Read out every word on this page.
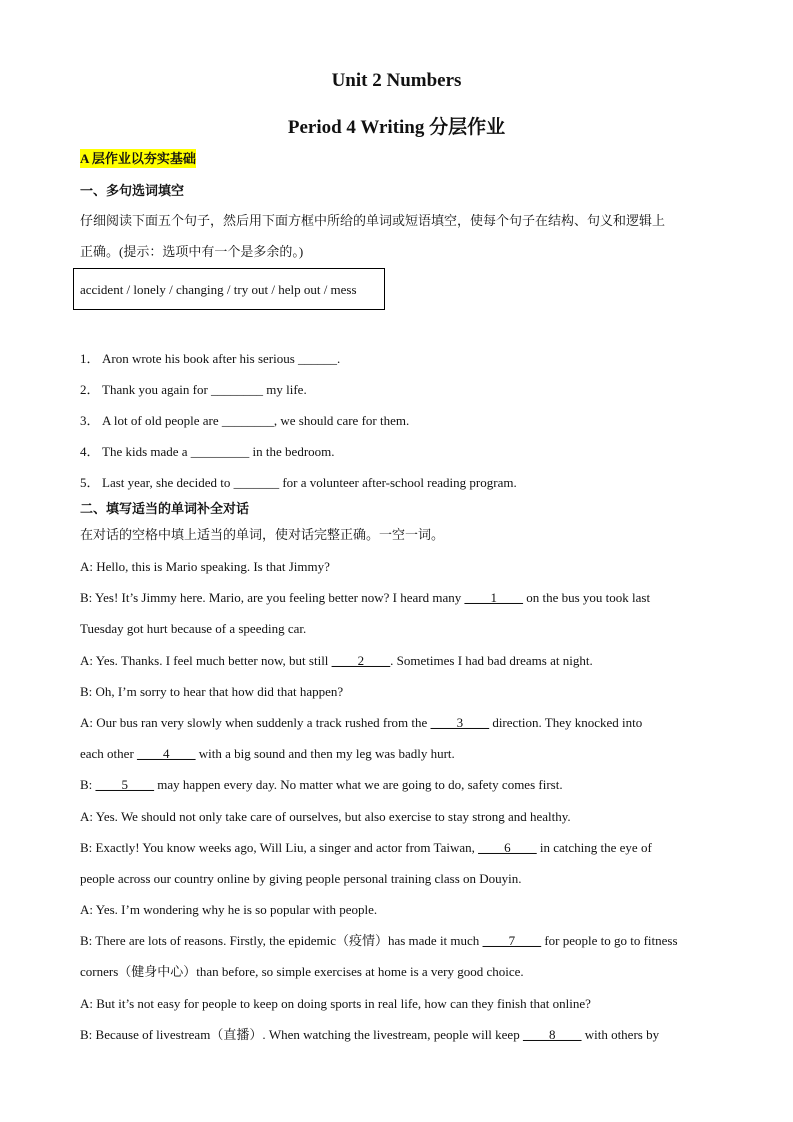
Unit 2 Numbers
Period 4 Writing 分层作业
A 层作业以夯实基础
一、多句选词填空
仔细阅读下面五个句子，然后用下面方框中所给的单词或短语填空，使每个句子在结构、句义和逻辑上
正确。(提示：选项中有一个是多余的。)
accident / lonely / changing / try out / help out / mess
1． Aron wrote his book after his serious ______.
2． Thank you again for ________ my life.
3． A lot of old people are ________, we should care for them.
4． The kids made a _________ in the bedroom.
5． Last year, she decided to _______ for a volunteer after-school reading program.
二、填写适当的单词补全对话
在对话的空格中填上适当的单词，使对话完整正确。一空一词。
A: Hello, this is Mario speaking. Is that Jimmy?
B: Yes! It’s Jimmy here. Mario, are you feeling better now? I heard many ____1____ on the bus you took last
Tuesday got hurt because of a speeding car.
A: Yes. Thanks. I feel much better now, but still ____2____. Sometimes I had bad dreams at night.
B: Oh, I’m sorry to hear that how did that happen?
A: Our bus ran very slowly when suddenly a track rushed from the ____3____ direction. They knocked into
each other ____4____ with a big sound and then my leg was badly hurt.
B: ____5____ may happen every day. No matter what we are going to do, safety comes first.
A: Yes. We should not only take care of ourselves, but also exercise to stay strong and healthy.
B: Exactly! You know weeks ago, Will Liu, a singer and actor from Taiwan, ____6____ in catching the eye of
people across our country online by giving people personal training class on Douyin.
A: Yes. I’m wondering why he is so popular with people.
B: There are lots of reasons. Firstly, the epidemic（疫情）has made it much ____7____ for people to go to fitness
corners（健身中心）than before, so simple exercises at home is a very good choice.
A: But it’s not easy for people to keep on doing sports in real life, how can they finish that online?
B: Because of livestream（直播）. When watching the livestream, people will keep ____8____ with others by
